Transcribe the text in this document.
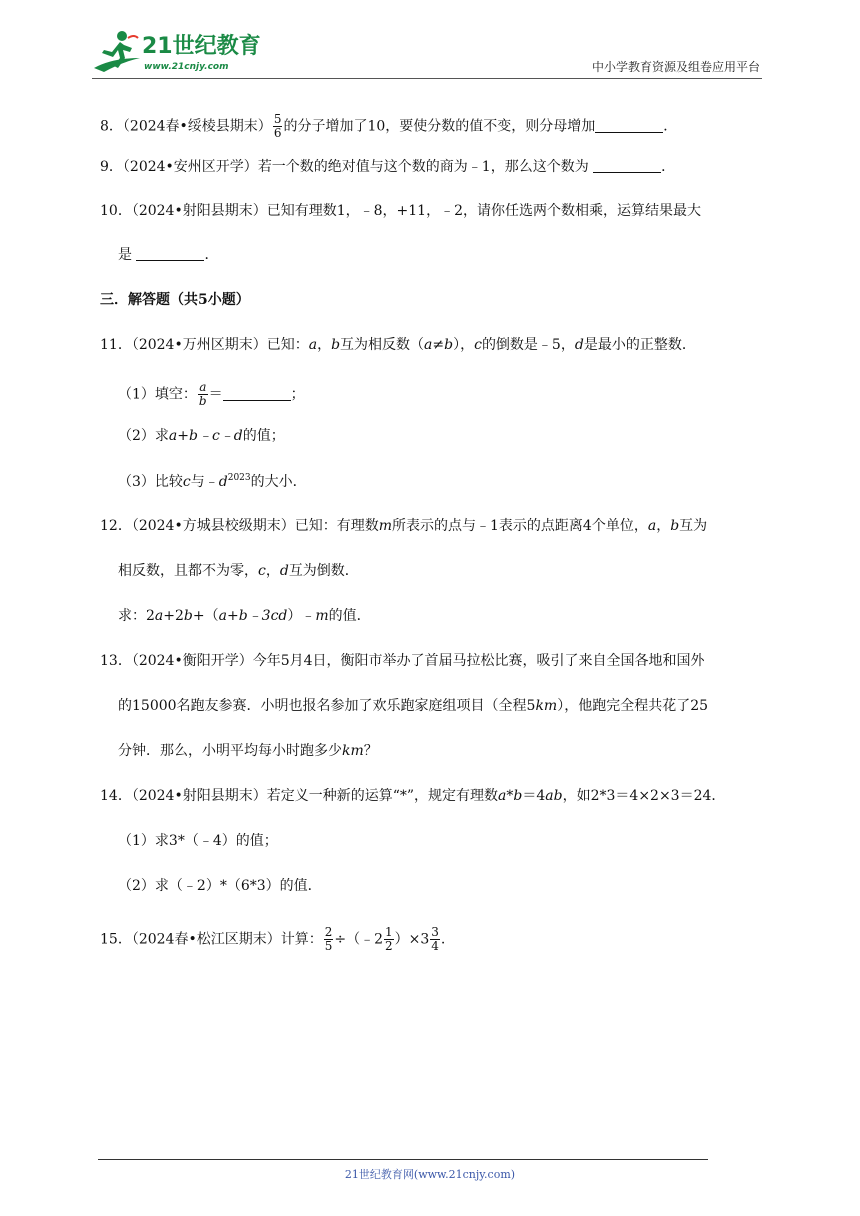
21世纪教育
www.21cnjy.com	中小学教育资源及组卷应用平台
8．（2024春•绥棱县期末） $\frac{5}{6}$ 的分子增加了10，要使分数的值不变，则分母增加	．
9．（2024•安州区开学）若一个数的绝对值与这个数的商为﹣1，那么这个数为	．
10．（2024•射阳县期末）已知有理数1，﹣8，+11，﹣2，请你任选两个数相乘，运算结果最大
是	．
三．解答题（共5小题）
11．（2024•万州区期末）已知：a，b互为相反数（a≠b），c的倒数是﹣5，d是最小的正整数．
（1）填空： $\frac{a}{b}$ ＝	；
（2）求a+b﹣c﹣d的值；
（3）比较c与$﹣d^{2023}$的大小．
12．（2024•方城县校级期末）已知：有理数m所表示的点与﹣1表示的点距离4个单位，a，b互为
相反数，且都不为零，c，d互为倒数．
求：2a+2b+（a+b﹣3cd）﹣m的值．
13．（2024•衡阳开学）今年5月4日，衡阳市举办了首届马拉松比赛，吸引了来自全国各地和国外
的15000名跑友参赛．小明也报名参加了欢乐跑家庭组项目（全程5km），他跑完全程共花了25
分钟．那么，小明平均每小时跑多少km？
14．（2024•射阳县期末）若定义一种新的运算“*”，规定有理数a*b＝4ab，如2*3＝4×2×3＝24．
（1）求3*（﹣4）的值；
（2）求（﹣2）*（6*3）的值．
15．（2024春•松江区期末）计算： $\frac{2}{5}$ ÷（﹣2 $\frac{1}{2} )\times 3 \frac{3}{4}$ .
21世纪教育网(www.21cnjy.com)
